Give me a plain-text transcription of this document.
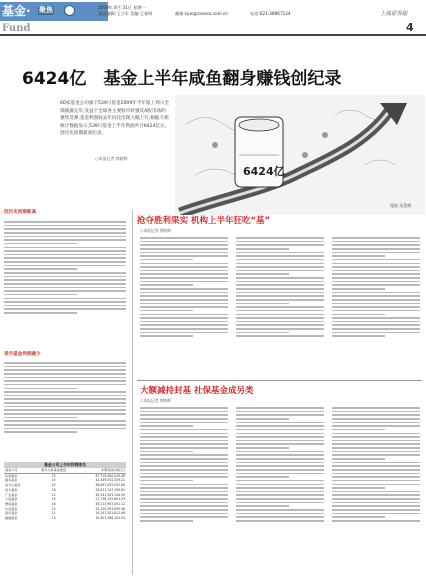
基金· 聚焦
Fund
2009年 8月 31日 星期一
责任编辑:王立军 美编:王春明	邮箱:zyw@zaseco.com.cn	电话:021-38967124	上海证券报
4
6424亿 基金上半年咸鱼翻身赚钱创纪录
60家基金公司旗下539只基金2009年半年报上周六全部披露完毕,受益于全球各主要股市转强及A股市场的强势反弹,基金利润较去年同比出现大幅上升,根据天相统计数据显示,539只基金上半年利润共计6424亿元,创历史同期最高纪录。
○本报记者 徐晓辉
6424亿
漫画 朱慧卿
创历史同期新高
货币基金利润最少
基金公司上半年利润排名
基金公司	参与交易基金数量	本期利润总额(元)
华夏基金	15	87,719,400,039.48
嘉实基金	15	42,349,052,329.21
易方达基金	20	38,657,052,032.06
南方基金	18	33,811,147,299.62
广发基金	12	30,241,561,134.30
大成基金	15	27,756,102,653.29
博时基金	16	26,113,987,451.12
华安基金	15	22,102,991,095.58
银华基金	11	19,247,201,812.48
融通基金	13	10,907,588,104.53
抢夺胜利果实 机构上半年狂吃“基”
○本报记者 徐晓辉
大额减持封基 社保基金成另类
○本报记者 徐晓辉
